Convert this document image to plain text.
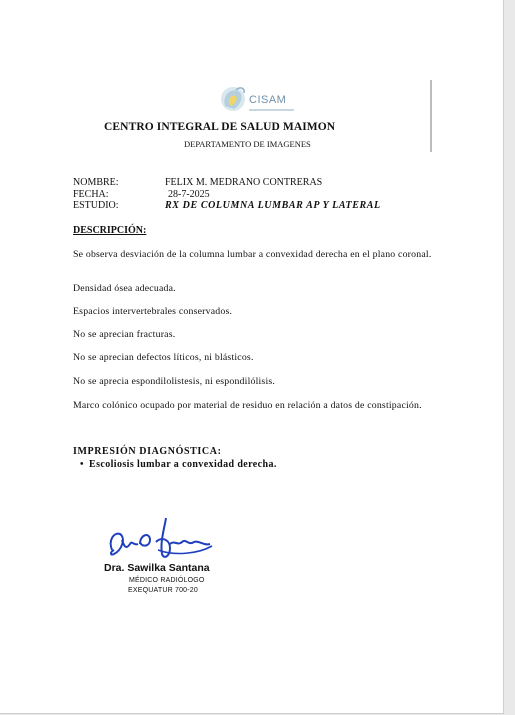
CISAM
CENTRO INTEGRAL DE SALUD MAIMON
DEPARTAMENTO DE IMAGENES
NOMBRE:	FELIX M. MEDRANO CONTRERAS
FECHA:	28-7-2025
ESTUDIO:	RX DE COLUMNA LUMBAR AP Y LATERAL
DESCRIPCIÓN:
Se observa desviación de la columna lumbar a convexidad derecha en el plano coronal.
Densidad ósea adecuada.
Espacios intervertebrales conservados.
No se aprecian fracturas.
No se aprecian defectos líticos, ni blásticos.
No se aprecia espondilolistesis, ni espondilólisis.
Marco colónico ocupado por material de residuo en relación a datos de constipación.
IMPRESIÓN DIAGNÓSTICA:
• Escoliosis lumbar a convexidad derecha.
Dra. Sawilka Santana
MÉDICO RADIÓLOGO
EXEQUATUR 700-20
